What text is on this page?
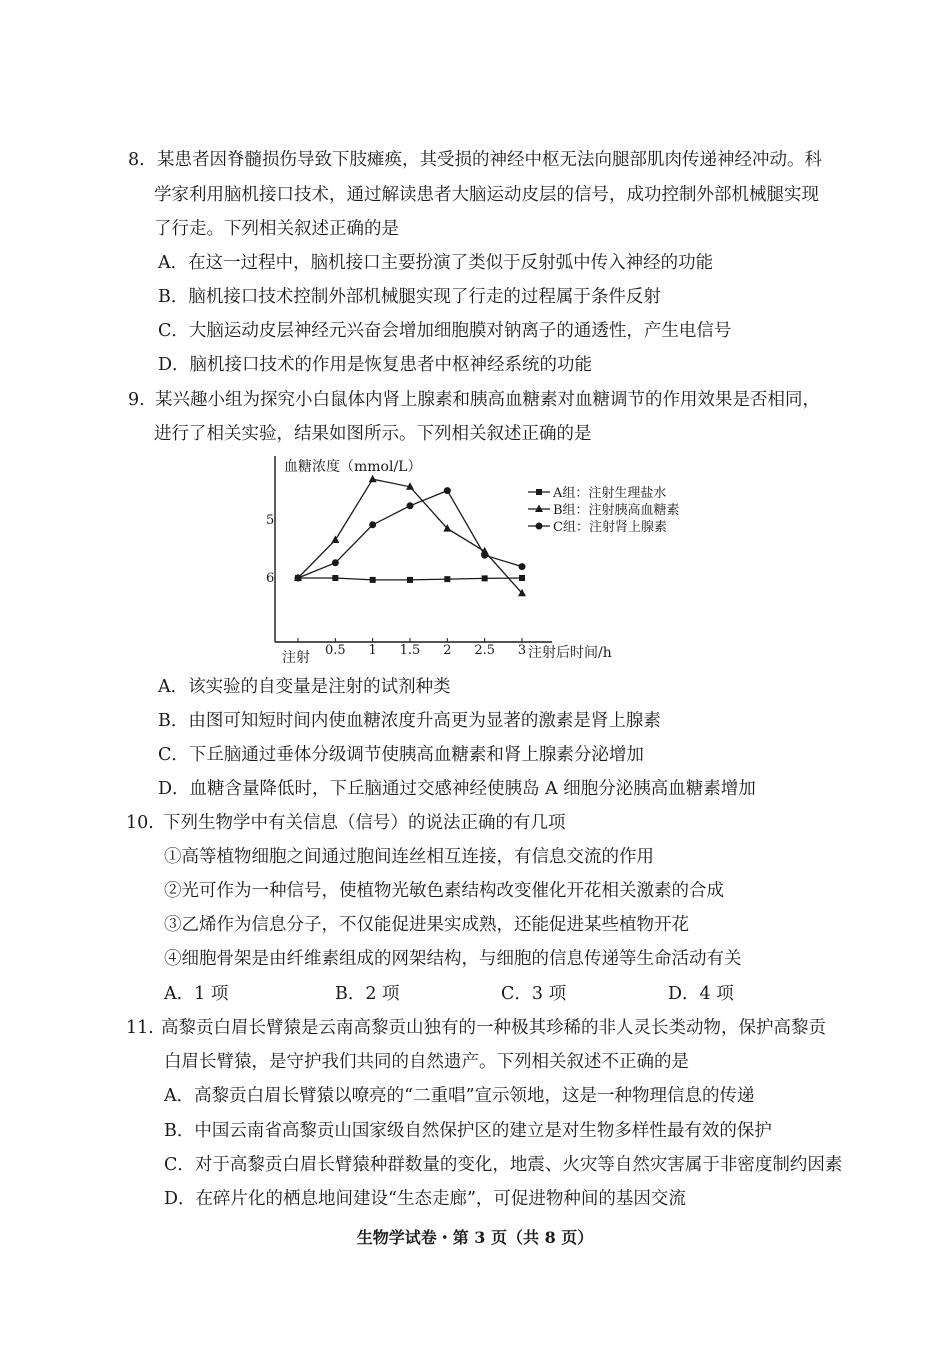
8. 某患者因脊髓损伤导致下肢瘫痪，其受损的神经中枢无法向腿部肌肉传递神经冲动。科
学家利用脑机接口技术，通过解读患者大脑运动皮层的信号，成功控制外部机械腿实现
了行走。下列相关叙述正确的是
A．在这一过程中，脑机接口主要扮演了类似于反射弧中传入神经的功能
B．脑机接口技术控制外部机械腿实现了行走的过程属于条件反射
C．大脑运动皮层神经元兴奋会增加细胞膜对钠离子的通透性，产生电信号
D．脑机接口技术的作用是恢复患者中枢神经系统的功能
9. 某兴趣小组为探究小白鼠体内肾上腺素和胰高血糖素对血糖调节的作用效果是否相同，
进行了相关实验，结果如图所示。下列相关叙述正确的是
0.5 1 1.5 2 2.5 3
5
6
A组：注射生理盐水
B组：注射胰高血糖素
C组：注射肾上腺素
血糖浓度（mmol/L）
注射后时间/h
注射
A．该实验的自变量是注射的试剂种类
B．由图可知短时间内使血糖浓度升高更为显著的激素是肾上腺素
C．下丘脑通过垂体分级调节使胰高血糖素和肾上腺素分泌增加
D．血糖含量降低时，下丘脑通过交感神经使胰岛 A 细胞分泌胰高血糖素增加
10. 下列生物学中有关信息（信号）的说法正确的有几项
①高等植物细胞之间通过胞间连丝相互连接，有信息交流的作用
②光可作为一种信号，使植物光敏色素结构改变催化开花相关激素的合成
③乙烯作为信息分子，不仅能促进果实成熟，还能促进某些植物开花
④细胞骨架是由纤维素组成的网架结构，与细胞的信息传递等生命活动有关
A．1 项	B．2 项	C．3 项	D．4 项
11. 高黎贡白眉长臂猿是云南高黎贡山独有的一种极其珍稀的非人灵长类动物，保护高黎贡
白眉长臂猿，是守护我们共同的自然遗产。下列相关叙述不正确的是
A．高黎贡白眉长臂猿以嘹亮的“二重唱”宣示领地，这是一种物理信息的传递
B．中国云南省高黎贡山国家级自然保护区的建立是对生物多样性最有效的保护
C．对于高黎贡白眉长臂猿种群数量的变化，地震、火灾等自然灾害属于非密度制约因素
D．在碎片化的栖息地间建设“生态走廊”，可促进物种间的基因交流
生物学试卷・第 3 页（共 8 页）
